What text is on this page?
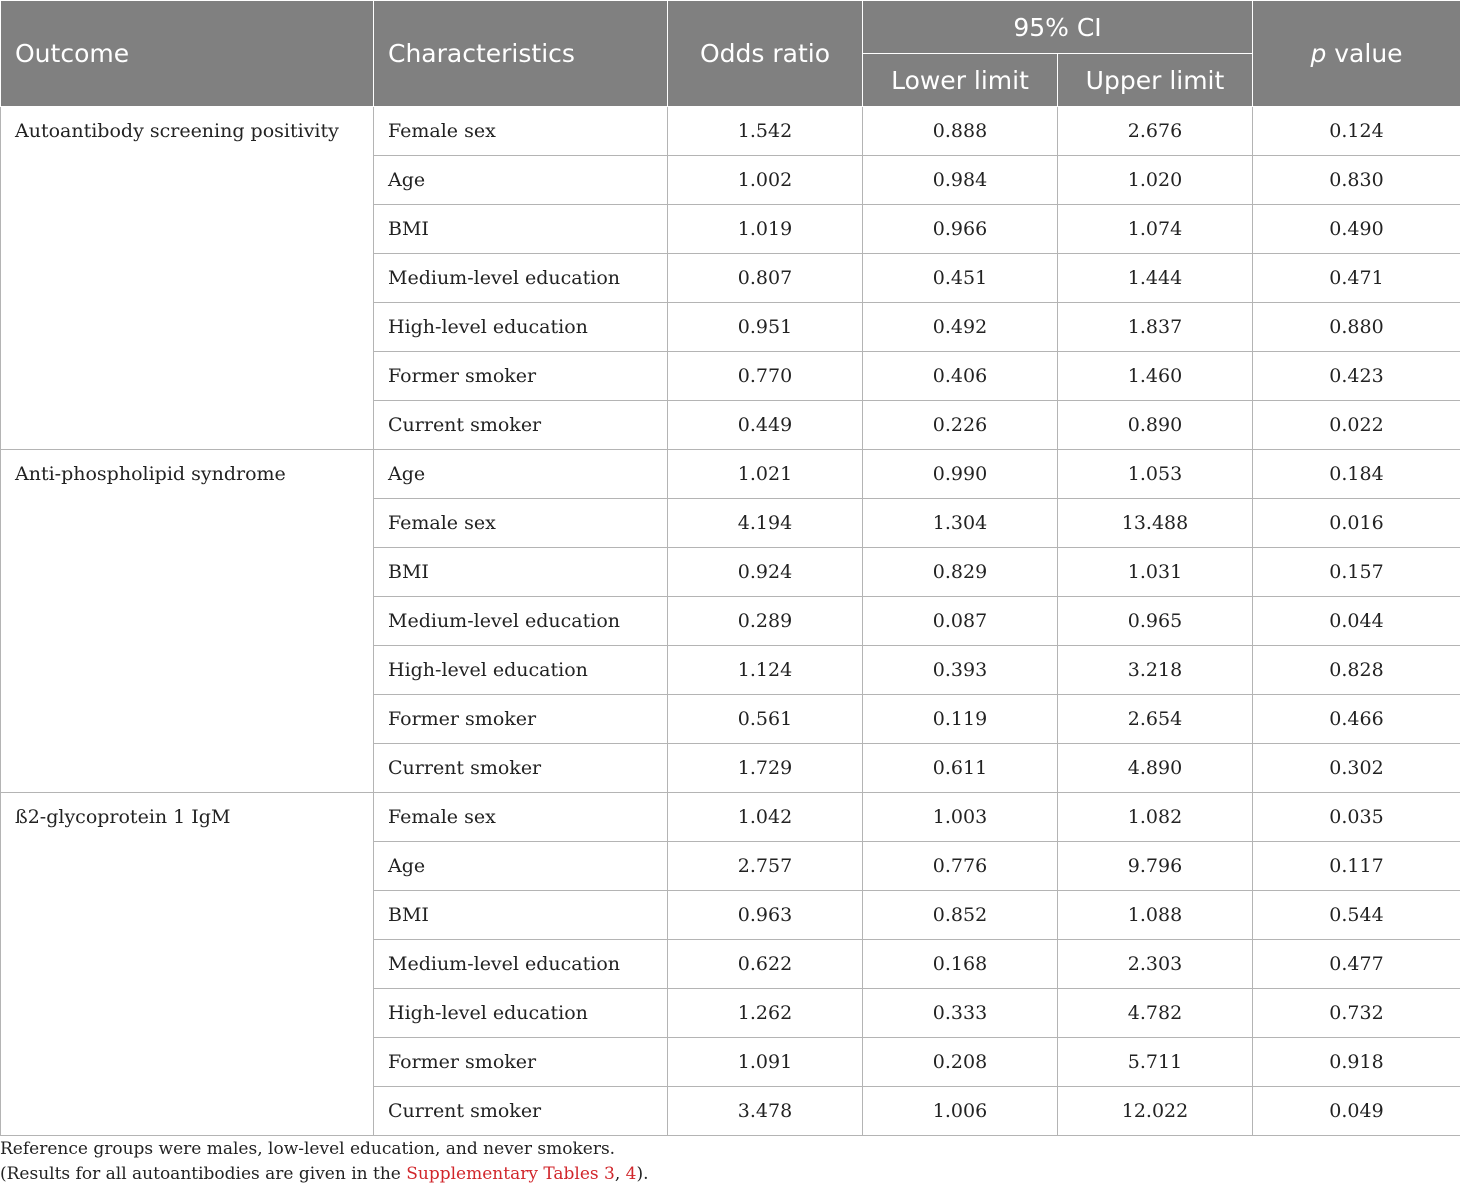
Outcome	Characteristics	Odds ratio	95% CI		p value
			Lower limit	Upper limit	
Autoantibody screening positivity	Female sex	1.542	0.888	2.676	0.124
	Age	1.002	0.984	1.020	0.830
	BMI	1.019	0.966	1.074	0.490
	Medium-level education	0.807	0.451	1.444	0.471
	High-level education	0.951	0.492	1.837	0.880
	Former smoker	0.770	0.406	1.460	0.423
	Current smoker	0.449	0.226	0.890	0.022
Anti-phospholipid syndrome	Age	1.021	0.990	1.053	0.184
	Female sex	4.194	1.304	13.488	0.016
	BMI	0.924	0.829	1.031	0.157
	Medium-level education	0.289	0.087	0.965	0.044
	High-level education	1.124	0.393	3.218	0.828
	Former smoker	0.561	0.119	2.654	0.466
	Current smoker	1.729	0.611	4.890	0.302
ß2-glycoprotein 1 IgM	Female sex	1.042	1.003	1.082	0.035
	Age	2.757	0.776	9.796	0.117
	BMI	0.963	0.852	1.088	0.544
	Medium-level education	0.622	0.168	2.303	0.477
	High-level education	1.262	0.333	4.782	0.732
	Former smoker	1.091	0.208	5.711	0.918
	Current smoker	3.478	1.006	12.022	0.049

Reference groups were males, low-level education, and never smokers.

(Results for all autoantibodies are given in the Supplementary Tables 3, 4).
